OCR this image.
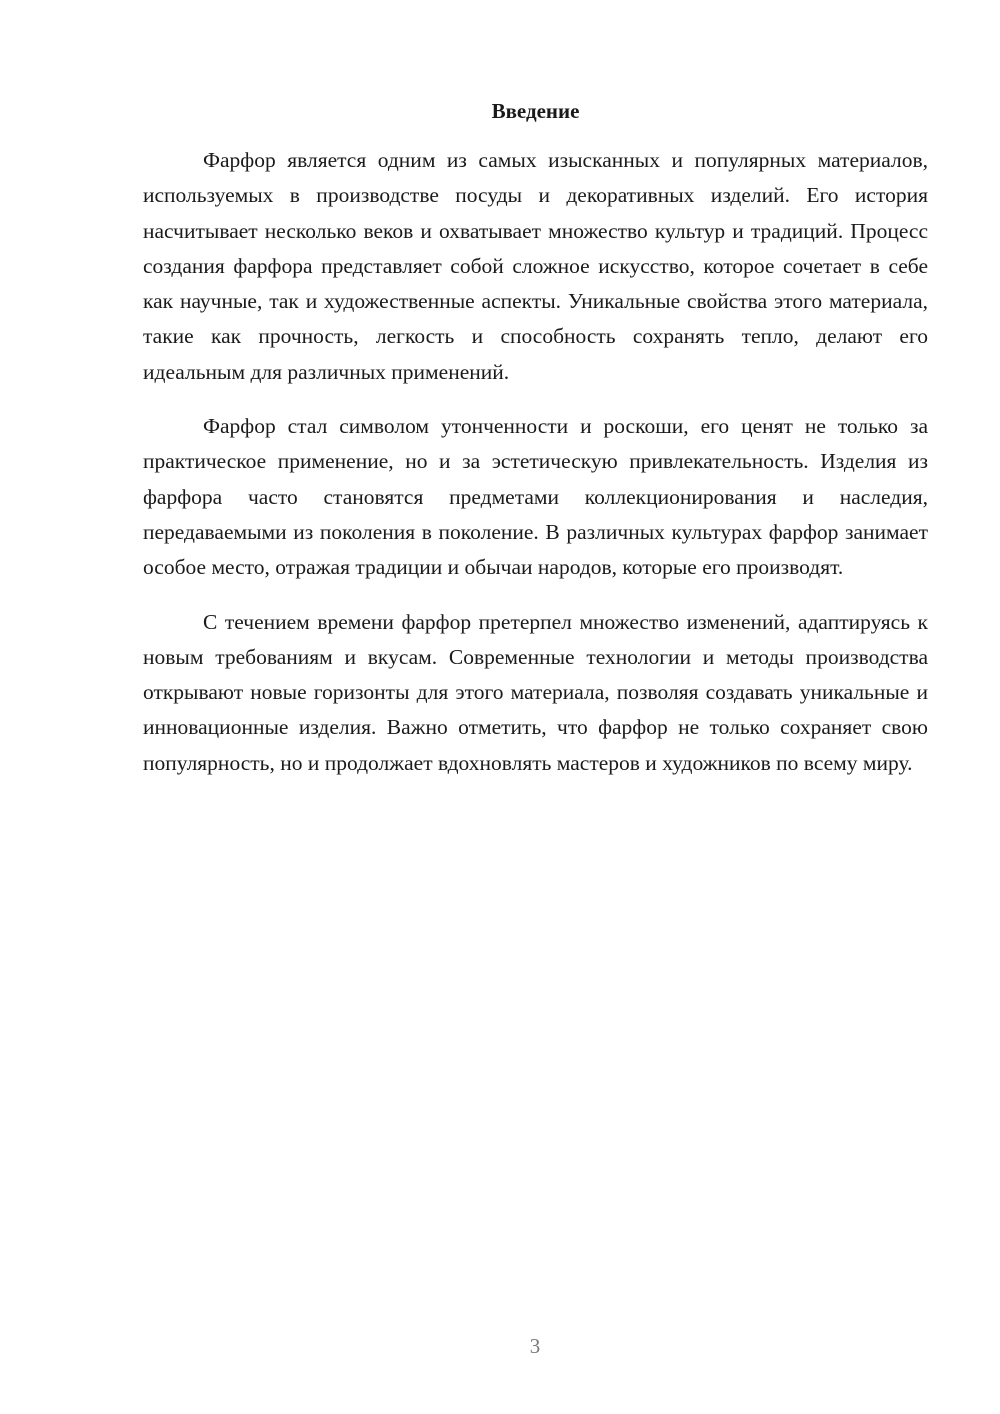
Введение

Фарфор является одним из самых изысканных и популярных материалов, используемых в производстве посуды и декоративных изделий. Его история насчитывает несколько веков и охватывает множество культур и традиций. Процесс создания фарфора представляет собой сложное искусство, которое сочетает в себе как научные, так и художественные аспекты. Уникальные свойства этого материала, такие как прочность, легкость и способность сохранять тепло, делают его идеальным для различных применений.

Фарфор стал символом утонченности и роскоши, его ценят не только за практическое применение, но и за эстетическую привлекательность. Изделия из фарфора часто становятся предметами коллекционирования и наследия, передаваемыми из поколения в поколение. В различных культурах фарфор занимает особое место, отражая традиции и обычаи народов, которые его производят.

С течением времени фарфор претерпел множество изменений, адаптируясь к новым требованиям и вкусам. Современные технологии и методы производства открывают новые горизонты для этого материала, позволяя создавать уникальные и инновационные изделия. Важно отметить, что фарфор не только сохраняет свою популярность, но и продолжает вдохновлять мастеров и художников по всему миру.

3
